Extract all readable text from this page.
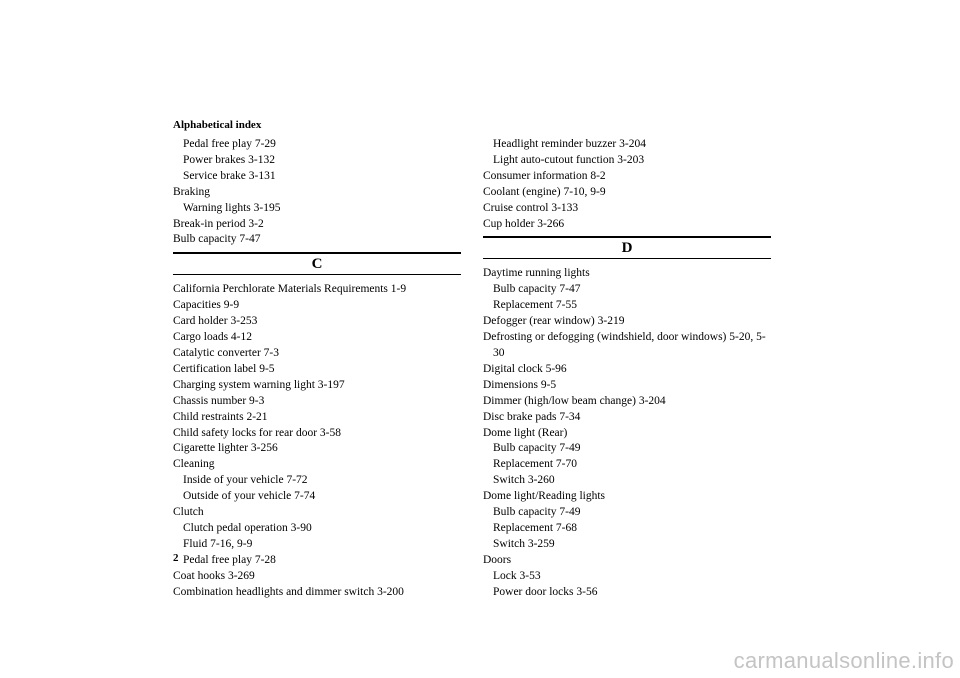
Alphabetical index
Pedal free play 7-29
Power brakes 3-132
Service brake 3-131
Braking
Warning lights 3-195
Break-in period 3-2
Bulb capacity 7-47
C
California Perchlorate Materials Requirements 1-9
Capacities 9-9
Card holder 3-253
Cargo loads 4-12
Catalytic converter 7-3
Certification label 9-5
Charging system warning light 3-197
Chassis number 9-3
Child restraints 2-21
Child safety locks for rear door 3-58
Cigarette lighter 3-256
Cleaning
Inside of your vehicle 7-72
Outside of your vehicle 7-74
Clutch
Clutch pedal operation 3-90
Fluid 7-16, 9-9
Pedal free play 7-28
Coat hooks 3-269
Combination headlights and dimmer switch 3-200
Headlight reminder buzzer 3-204
Light auto-cutout function 3-203
Consumer information 8-2
Coolant (engine) 7-10, 9-9
Cruise control 3-133
Cup holder 3-266
D
Daytime running lights
Bulb capacity 7-47
Replacement 7-55
Defogger (rear window) 3-219
Defrosting or defogging (windshield, door windows) 5-20, 5-30
Digital clock 5-96
Dimensions 9-5
Dimmer (high/low beam change) 3-204
Disc brake pads 7-34
Dome light (Rear)
Bulb capacity 7-49
Replacement 7-70
Switch 3-260
Dome light/Reading lights
Bulb capacity 7-49
Replacement 7-68
Switch 3-259
Doors
Lock 3-53
Power door locks 3-56
2
carmanualsonline.info
